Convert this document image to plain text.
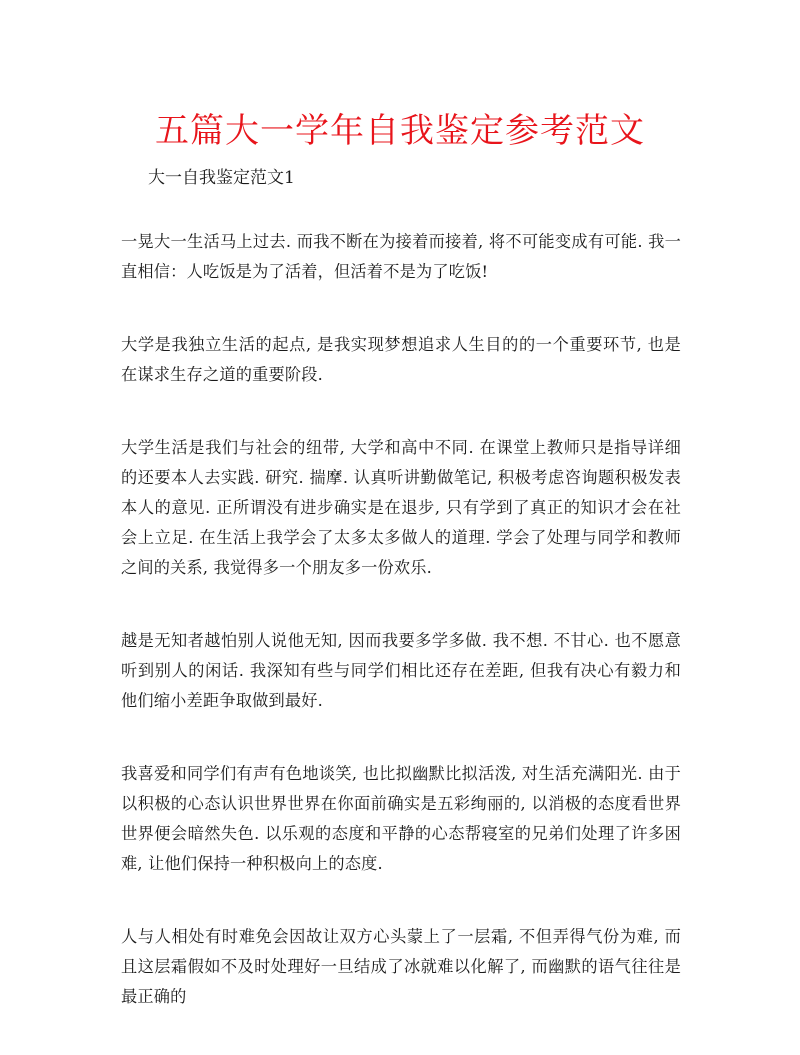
五篇大一学年自我鉴定参考范文

大一自我鉴定范文1

一晃大一生活马上过去. 而我不断在为接着而接着, 将不可能变成有可能. 我一直相信：人吃饭是为了活着，但活着不是为了吃饭!

大学是我独立生活的起点, 是我实现梦想追求人生目的的一个重要环节, 也是在谋求生存之道的重要阶段.

大学生活是我们与社会的纽带, 大学和高中不同. 在课堂上教师只是指导详细的还要本人去实践. 研究. 揣摩. 认真听讲勤做笔记, 积极考虑咨询题积极发表本人的意见. 正所谓没有进步确实是在退步, 只有学到了真正的知识才会在社会上立足. 在生活上我学会了太多太多做人的道理. 学会了处理与同学和教师之间的关系, 我觉得多一个朋友多一份欢乐.

越是无知者越怕别人说他无知, 因而我要多学多做. 我不想. 不甘心. 也不愿意听到别人的闲话. 我深知有些与同学们相比还存在差距, 但我有决心有毅力和他们缩小差距争取做到最好.

我喜爱和同学们有声有色地谈笑, 也比拟幽默比拟活泼, 对生活充满阳光. 由于以积极的心态认识世界世界在你面前确实是五彩绚丽的, 以消极的态度看世界世界便会暗然失色. 以乐观的态度和平静的心态帮寝室的兄弟们处理了许多困难, 让他们保持一种积极向上的态度.

人与人相处有时难免会因故让双方心头蒙上了一层霜, 不但弄得气份为难, 而且这层霜假如不及时处理好一旦结成了冰就难以化解了, 而幽默的语气往往是最正确的
